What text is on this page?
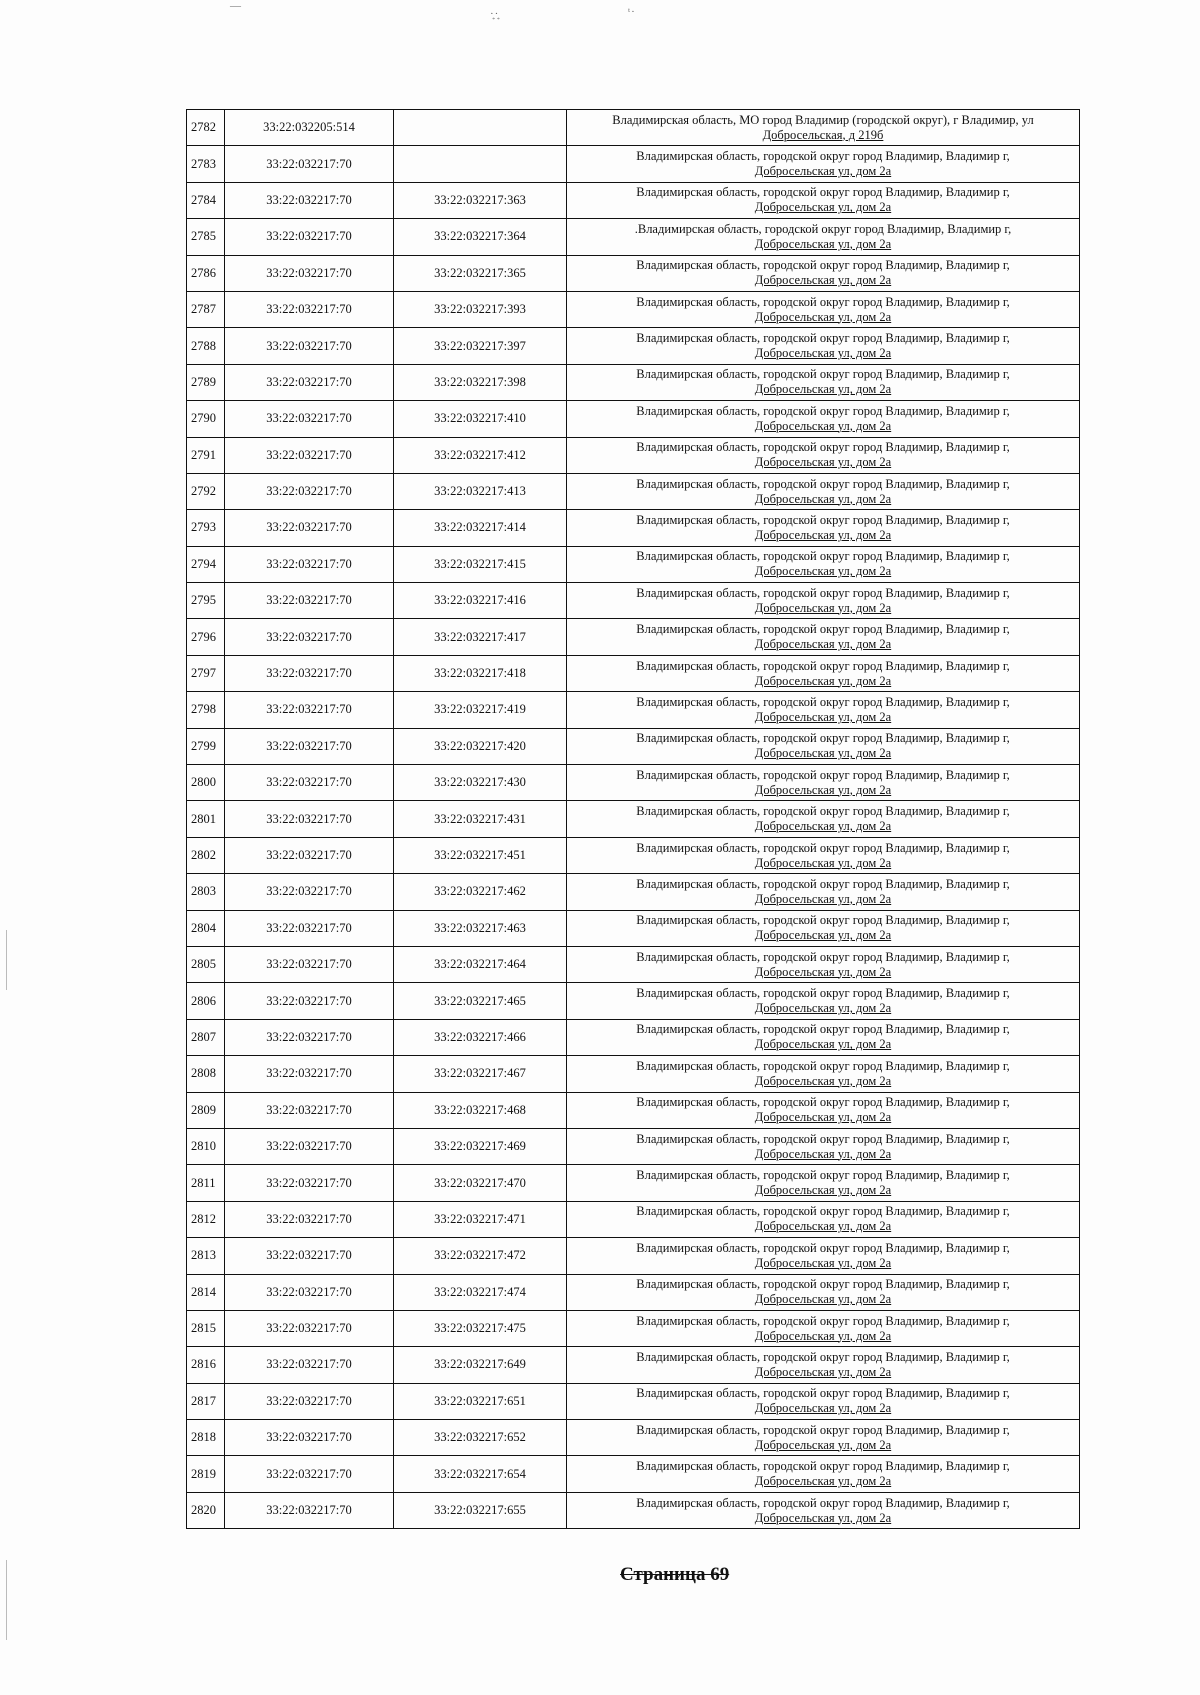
—
·͙·͙	ᵗ·
2782	33:22:032205:514		Владимирская область, МО город Владимир (городской округ), г Владимир, ул
Добросельская, д 219б
2783	33:22:032217:70		Владимирская область, городской округ город Владимир, Владимир г,
Добросельская ул, дом 2а
2784	33:22:032217:70	33:22:032217:363	Владимирская область, городской округ город Владимир, Владимир г,
Добросельская ул, дом 2а
2785	33:22:032217:70	33:22:032217:364	.Владимирская область, городской округ город Владимир, Владимир г,
Добросельская ул, дом 2а
2786	33:22:032217:70	33:22:032217:365	Владимирская область, городской округ город Владимир, Владимир г,
Добросельская ул, дом 2а
2787	33:22:032217:70	33:22:032217:393	Владимирская область, городской округ город Владимир, Владимир г,
Добросельская ул, дом 2а
2788	33:22:032217:70	33:22:032217:397	Владимирская область, городской округ город Владимир, Владимир г,
Добросельская ул, дом 2а
2789	33:22:032217:70	33:22:032217:398	Владимирская область, городской округ город Владимир, Владимир г,
Добросельская ул, дом 2а
2790	33:22:032217:70	33:22:032217:410	Владимирская область, городской округ город Владимир, Владимир г,
Добросельская ул, дом 2а
2791	33:22:032217:70	33:22:032217:412	Владимирская область, городской округ город Владимир, Владимир г,
Добросельская ул, дом 2а
2792	33:22:032217:70	33:22:032217:413	Владимирская область, городской округ город Владимир, Владимир г,
Добросельская ул, дом 2а
2793	33:22:032217:70	33:22:032217:414	Владимирская область, городской округ город Владимир, Владимир г,
Добросельская ул, дом 2а
2794	33:22:032217:70	33:22:032217:415	Владимирская область, городской округ город Владимир, Владимир г,
Добросельская ул, дом 2а
2795	33:22:032217:70	33:22:032217:416	Владимирская область, городской округ город Владимир, Владимир г,
Добросельская ул, дом 2а
2796	33:22:032217:70	33:22:032217:417	Владимирская область, городской округ город Владимир, Владимир г,
Добросельская ул, дом 2а
2797	33:22:032217:70	33:22:032217:418	Владимирская область, городской округ город Владимир, Владимир г,
Добросельская ул, дом 2а
2798	33:22:032217:70	33:22:032217:419	Владимирская область, городской округ город Владимир, Владимир г,
Добросельская ул, дом 2а
2799	33:22:032217:70	33:22:032217:420	Владимирская область, городской округ город Владимир, Владимир г,
Добросельская ул, дом 2а
2800	33:22:032217:70	33:22:032217:430	Владимирская область, городской округ город Владимир, Владимир г,
Добросельская ул, дом 2а
2801	33:22:032217:70	33:22:032217:431	Владимирская область, городской округ город Владимир, Владимир г,
Добросельская ул, дом 2а
2802	33:22:032217:70	33:22:032217:451	Владимирская область, городской округ город Владимир, Владимир г,
Добросельская ул, дом 2а
2803	33:22:032217:70	33:22:032217:462	Владимирская область, городской округ город Владимир, Владимир г,
Добросельская ул, дом 2а
2804	33:22:032217:70	33:22:032217:463	Владимирская область, городской округ город Владимир, Владимир г,
Добросельская ул, дом 2а
2805	33:22:032217:70	33:22:032217:464	Владимирская область, городской округ город Владимир, Владимир г,
Добросельская ул, дом 2а
2806	33:22:032217:70	33:22:032217:465	Владимирская область, городской округ город Владимир, Владимир г,
Добросельская ул, дом 2а
2807	33:22:032217:70	33:22:032217:466	Владимирская область, городской округ город Владимир, Владимир г,
Добросельская ул, дом 2а
2808	33:22:032217:70	33:22:032217:467	Владимирская область, городской округ город Владимир, Владимир г,
Добросельская ул, дом 2а
2809	33:22:032217:70	33:22:032217:468	Владимирская область, городской округ город Владимир, Владимир г,
Добросельская ул, дом 2а
2810	33:22:032217:70	33:22:032217:469	Владимирская область, городской округ город Владимир, Владимир г,
Добросельская ул, дом 2а
2811	33:22:032217:70	33:22:032217:470	Владимирская область, городской округ город Владимир, Владимир г,
Добросельская ул, дом 2а
2812	33:22:032217:70	33:22:032217:471	Владимирская область, городской округ город Владимир, Владимир г,
Добросельская ул, дом 2а
2813	33:22:032217:70	33:22:032217:472	Владимирская область, городской округ город Владимир, Владимир г,
Добросельская ул, дом 2а
2814	33:22:032217:70	33:22:032217:474	Владимирская область, городской округ город Владимир, Владимир г,
Добросельская ул, дом 2а
2815	33:22:032217:70	33:22:032217:475	Владимирская область, городской округ город Владимир, Владимир г,
Добросельская ул, дом 2а
2816	33:22:032217:70	33:22:032217:649	Владимирская область, городской округ город Владимир, Владимир г,
Добросельская ул, дом 2а
2817	33:22:032217:70	33:22:032217:651	Владимирская область, городской округ город Владимир, Владимир г,
Добросельская ул, дом 2а
2818	33:22:032217:70	33:22:032217:652	Владимирская область, городской округ город Владимир, Владимир г,
Добросельская ул, дом 2а
2819	33:22:032217:70	33:22:032217:654	Владимирская область, городской округ город Владимир, Владимир г,
Добросельская ул, дом 2а
2820	33:22:032217:70	33:22:032217:655	Владимирская область, городской округ город Владимир, Владимир г,
Добросельская ул, дом 2а
Страница 69
